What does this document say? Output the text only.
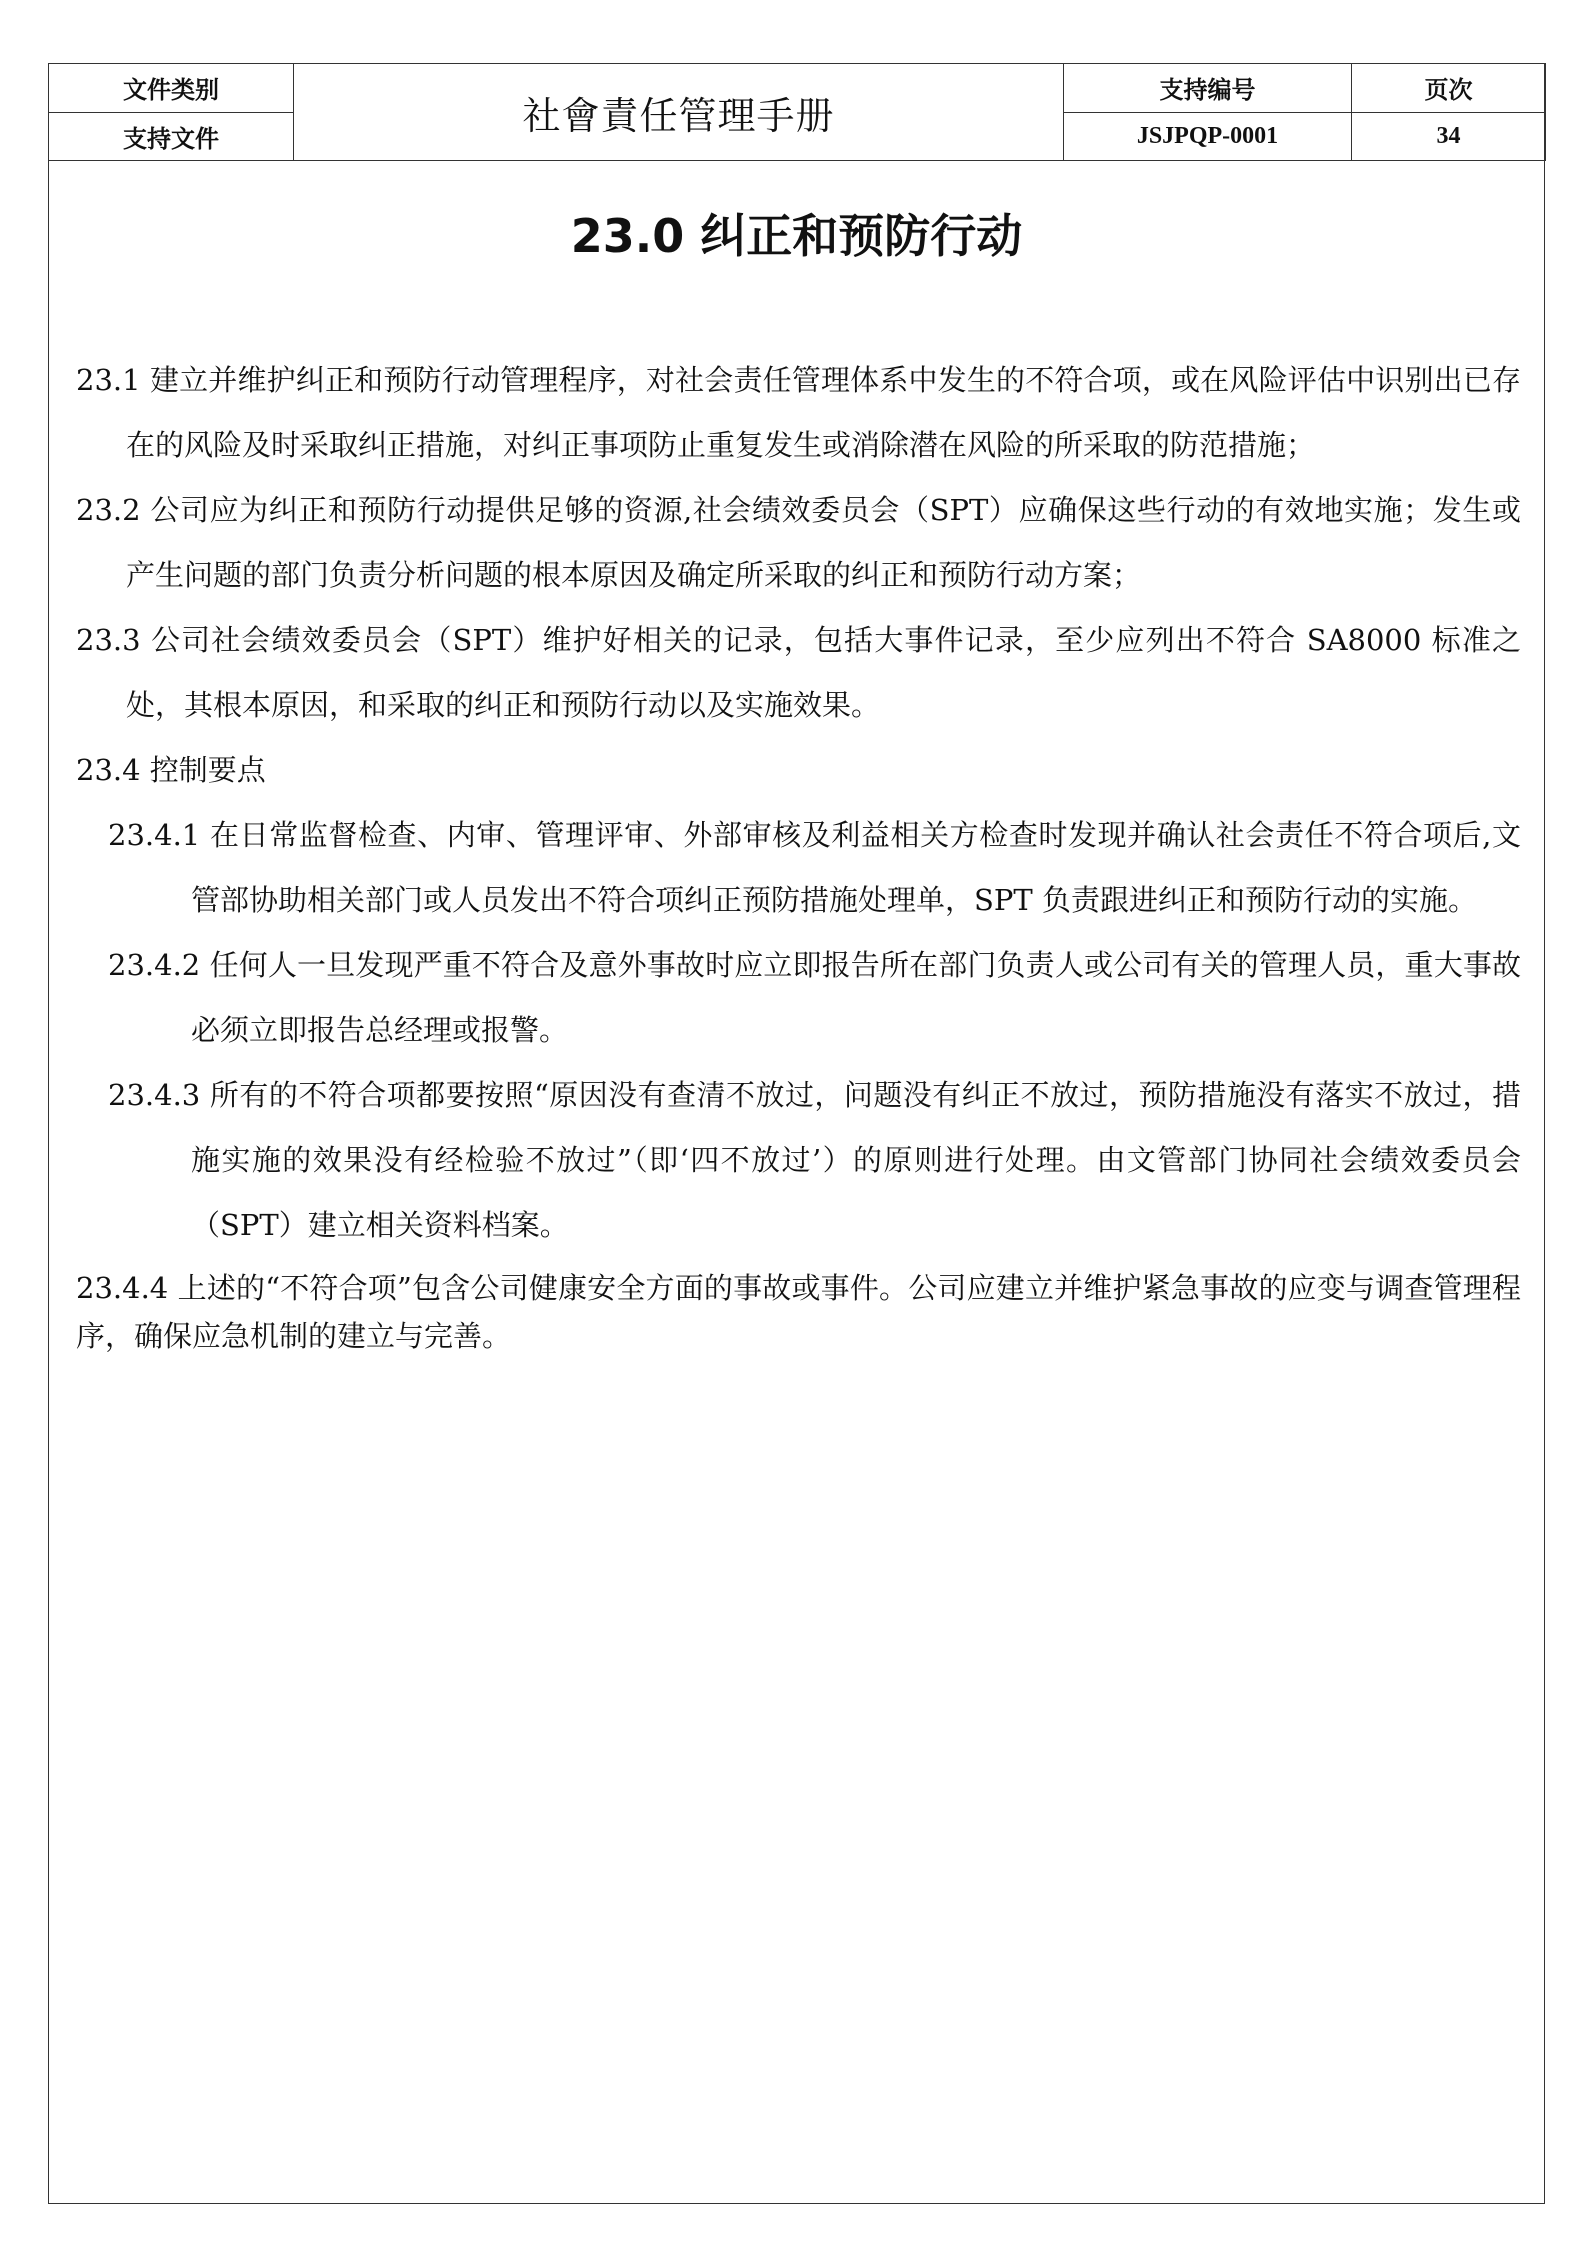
文件类别	社會責任管理手册	支持编号	页次
支持文件		JSJPQP-0001	34
23.0 纠正和预防行动

23.1 建立并维护纠正和预防行动管理程序，对社会责任管理体系中发生的不符合项，或在风险评估中识别出已存在的风险及时采取纠正措施，对纠正事项防止重复发生或消除潜在风险的所采取的防范措施；

23.2 公司应为纠正和预防行动提供足够的资源,社会绩效委员会（SPT）应确保这些行动的有效地实施；发生或产生问题的部门负责分析问题的根本原因及确定所采取的纠正和预防行动方案；

23.3 公司社会绩效委员会（SPT）维护好相关的记录，包括大事件记录，至少应列出不符合 SA8000 标准之处，其根本原因，和采取的纠正和预防行动以及实施效果。

23.4 控制要点

23.4.1 在日常监督检查、内审、管理评审、外部审核及利益相关方检查时发现并确认社会责任不符合项后,文管部协助相关部门或人员发出不符合项纠正预防措施处理单，SPT 负责跟进纠正和预防行动的实施。

23.4.2 任何人一旦发现严重不符合及意外事故时应立即报告所在部门负责人或公司有关的管理人员，重大事故必须立即报告总经理或报警。

23.4.3 所有的不符合项都要按照“原因没有查清不放过，问题没有纠正不放过，预防措施没有落实不放过，措施实施的效果没有经检验不放过”（即‘四不放过’）的原则进行处理。由文管部门协同社会绩效委员会（SPT）建立相关资料档案。

23.4.4 上述的“不符合项”包含公司健康安全方面的事故或事件。公司应建立并维护紧急事故的应变与调查管理程序，确保应急机制的建立与完善。
